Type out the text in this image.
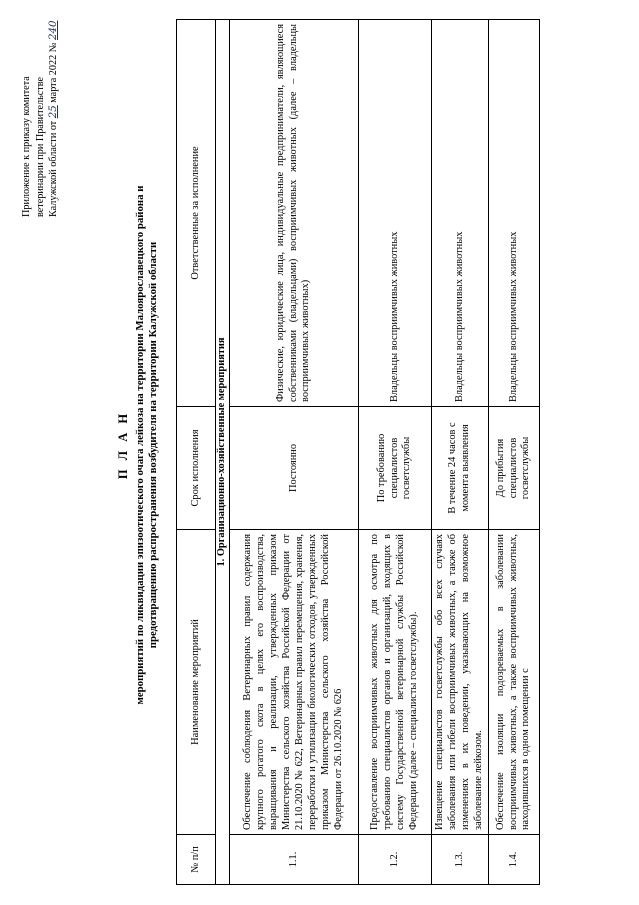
Приложение к приказу комитета ветеринарии при Правительстве Калужской области от 25 марта 2022 № 240
П Л А Н мероприятий по ликвидации эпизоотического очага лейкоза на территории Малоярославецкого района и предотвращению распространения возбудителя на территории Калужской области
№ п/п	Наименование мероприятий	Срок исполнения	Ответственные за исполнение
1. Организационно-хозяйственные мероприятия			
1.1.	Обеспечение соблюдения Ветеринарных правил содержания крупного рогатого скота в целях его воспроизводства, выращивания и реализации, утвержденных приказом Министерства сельского хозяйства Российской Федерации от 21.10.2020 № 622, Ветеринарных правил перемещения, хранения, переработки и утилизации биологических отходов, утвержденных приказом Министерства сельского хозяйства Российской Федерации от 26.10.2020 № 626	Постоянно	Физические, юридические лица, индивидуальные предприниматели, являющиеся собственниками (владельцами) восприимчивых животных (далее – владельцы восприимчивых животных)
1.2.	Предоставление восприимчивых животных для осмотра по требованию специалистов органов и организаций, входящих в систему Государственной ветеринарной службы Российской Федерации (далее – специалисты госветслужбы).	По требованию специалистов госветслужбы	Владельцы восприимчивых животных
1.3.	Извещение специалистов госветслужбы обо всех случаях заболевания или гибели восприимчивых животных, а также об изменениях в их поведении, указывающих на возможное заболевание лейкозом.	В течение 24 часов с момента выявления	Владельцы восприимчивых животных
1.4.	Обеспечение изоляции подозреваемых в заболевании восприимчивых животных, а также восприимчивых животных, находившихся в одном помещении с	До прибытия специалистов госветслужбы	Владельцы восприимчивых животных
